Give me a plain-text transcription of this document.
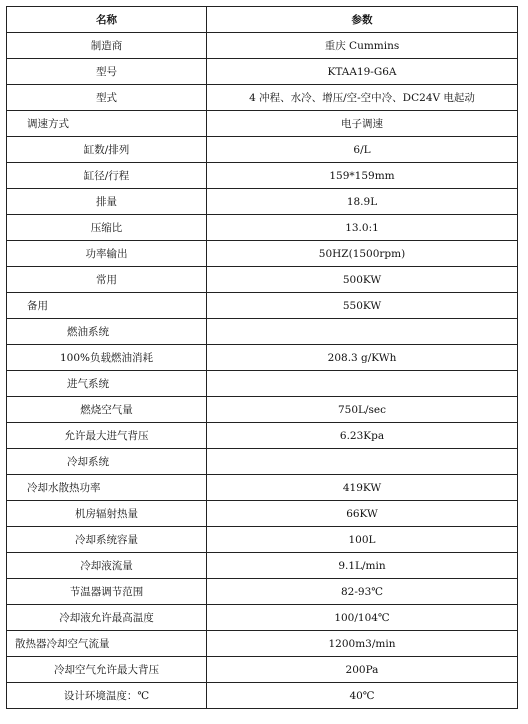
名称	参数
制造商	重庆 Cummins
型号	KTAA19-G6A
型式	4 冲程、水冷、增压/空-空中冷、DC24V 电起动
调速方式	电子调速
缸数/排列	6/L
缸径/行程	159*159mm
排量	18.9L
压缩比	13.0:1
功率输出	50HZ(1500rpm)
常用	500KW
备用	550KW
燃油系统	
100%负载燃油消耗	208.3 g/KWh
进气系统	
燃烧空气量	750L/sec
允许最大进气背压	6.23Kpa
冷却系统	
冷却水散热功率	419KW
机房辐射热量	66KW
冷却系统容量	100L
冷却液流量	9.1L/min
节温器调节范围	82-93℃
冷却液允许最高温度	100/104℃
散热器冷却空气流量	1200m3/min
冷却空气允许最大背压	200Pa
设计环境温度：℃	40℃
